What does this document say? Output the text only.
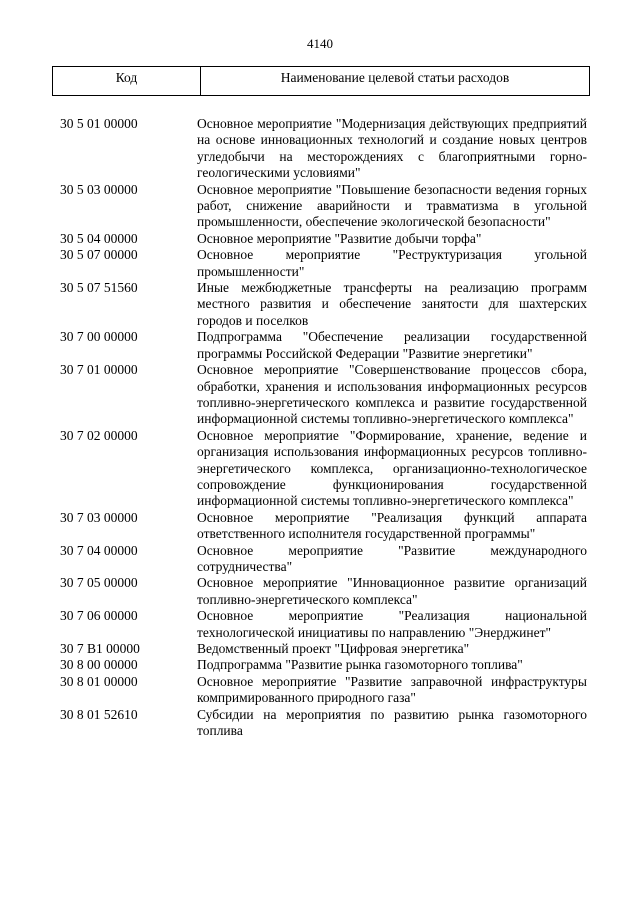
4140
Код	Наименование целевой статьи расходов
30 5 01 00000	Основное мероприятие "Модернизация действующих предприятий на основе инновационных технологий и создание новых центров угледобычи на месторождениях с благоприятными горно-геологическими условиями"
30 5 03 00000	Основное мероприятие "Повышение безопасности ведения горных работ, снижение аварийности и травматизма в угольной промышленности, обеспечение экологической безопасности"
30 5 04 00000	Основное мероприятие "Развитие добычи торфа"
30 5 07 00000	Основное мероприятие "Реструктуризация угольной промышленности"
30 5 07 51560	Иные межбюджетные трансферты на реализацию программ местного развития и обеспечение занятости для шахтерских городов и поселков
30 7 00 00000	Подпрограмма "Обеспечение реализации государственной программы Российской Федерации "Развитие энергетики"
30 7 01 00000	Основное мероприятие "Совершенствование процессов сбора, обработки, хранения и использования информационных ресурсов топливно-энергетического комплекса и развитие государственной информационной системы топливно-энергетического комплекса"
30 7 02 00000	Основное мероприятие "Формирование, хранение, ведение и организация использования информационных ресурсов топливно-энергетического комплекса, организационно-технологическое сопровождение функционирования государственной информационной системы топливно-энергетического комплекса"
30 7 03 00000	Основное мероприятие "Реализация функций аппарата ответственного исполнителя государственной программы"
30 7 04 00000	Основное мероприятие "Развитие международного сотрудничества"
30 7 05 00000	Основное мероприятие "Инновационное развитие организаций топливно-энергетического комплекса"
30 7 06 00000	Основное мероприятие "Реализация национальной технологической инициативы по направлению "Энерджинет"
30 7 B1 00000	Ведомственный проект "Цифровая энергетика"
30 8 00 00000	Подпрограмма "Развитие рынка газомоторного топлива"
30 8 01 00000	Основное мероприятие "Развитие заправочной инфраструктуры компримированного природного газа"
30 8 01 52610	Субсидии на мероприятия по развитию рынка газомоторного топлива
